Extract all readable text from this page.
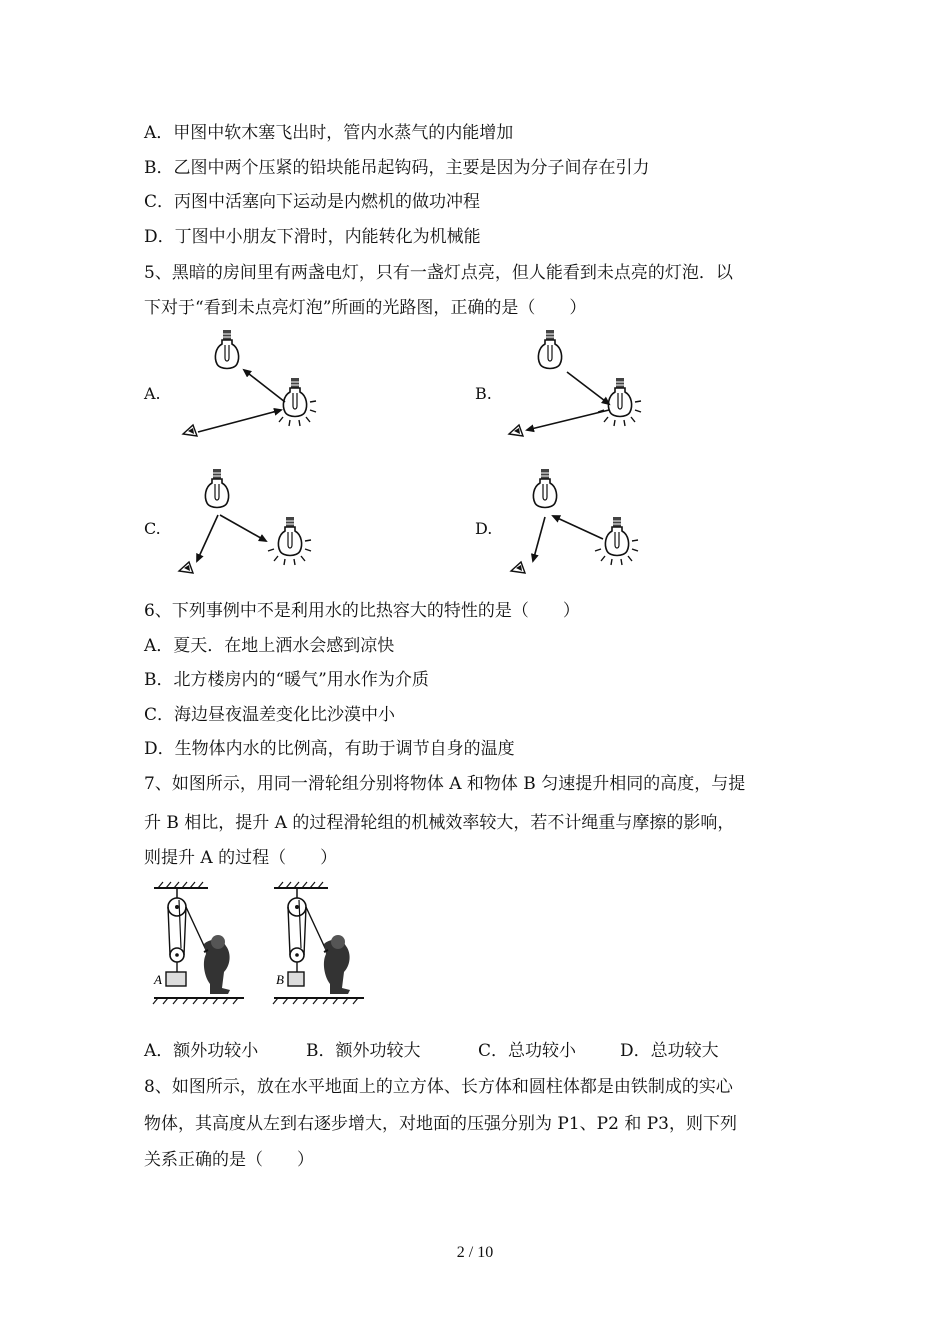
A．甲图中软木塞飞出时，管内水蒸气的内能增加
B．乙图中两个压紧的铅块能吊起钩码，主要是因为分子间存在引力
C．丙图中活塞向下运动是内燃机的做功冲程
D．丁图中小朋友下滑时，内能转化为机械能
5、黑暗的房间里有两盏电灯，只有一盏灯点亮，但人能看到未点亮的灯泡．以
下对于“看到未点亮灯泡”所画的光路图，正确的是（　　）
A.	B.
C.	D.
6、下列事例中不是利用水的比热容大的特性的是（　　）
A．夏天．在地上洒水会感到凉快
B．北方楼房内的“暖气”用水作为介质
C．海边昼夜温差变化比沙漠中小
D．生物体内水的比例高，有助于调节自身的温度
7、如图所示，用同一滑轮组分别将物体 A 和物体 B 匀速提升相同的高度，与提
升 B 相比，提升 A 的过程滑轮组的机械效率较大，若不计绳重与摩擦的影响，
则提升 A 的过程（　　）
A	B
A．额外功较小	B．额外功较大	C．总功较小	D．总功较大
8、如图所示，放在水平地面上的立方体、长方体和圆柱体都是由铁制成的实心
物体，其高度从左到右逐步增大，对地面的压强分别为 P1、P2 和 P3，则下列
关系正确的是（　　）
2 / 10
